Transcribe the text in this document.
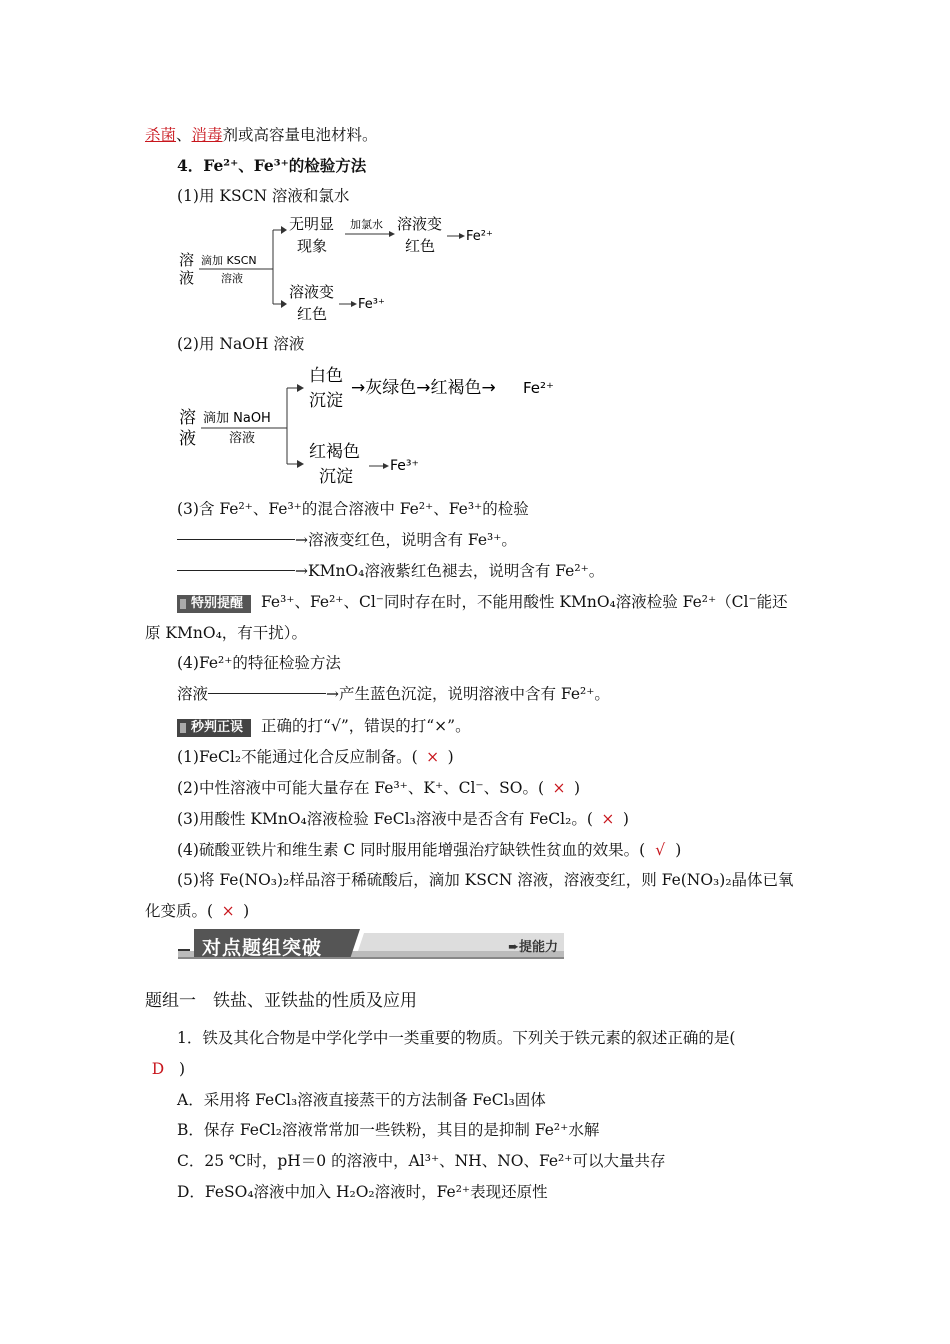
杀菌、消毒剂或高容量电池材料。
4．Fe²⁺、Fe³⁺的检验方法
(1)用 KSCN 溶液和氯水
溶
液
滴加 KSCN
溶液
无明显
现象
加氯水 溶液变
红色
Fe²⁺
溶液变
红色
Fe³⁺
(2)用 NaOH 溶液
溶
液
滴加 NaOH
溶液
白色
沉淀
→灰绿色→红褐色→ Fe²⁺
红褐色
沉淀
Fe³⁺
(3)含 Fe²⁺、Fe³⁺的混合溶液中 Fe²⁺、Fe³⁺的检验
→溶液变红色，说明含有 Fe³⁺。
→KMnO₄溶液紫红色褪去，说明含有 Fe²⁺。
特别提醒 Fe³⁺、Fe²⁺、Cl⁻同时存在时，不能用酸性 KMnO₄溶液检验 Fe²⁺（Cl⁻能还
原 KMnO₄，有干扰）。
(4)Fe²⁺的特征检验方法
溶液	→产生蓝色沉淀，说明溶液中含有 Fe²⁺。
秒判正误 正确的打“√”，错误的打“×”。
(1)FeCl₂不能通过化合反应制备。( × )
(2)中性溶液中可能大量存在 Fe³⁺、K⁺、Cl⁻、SO。( × )
(3)用酸性 KMnO₄溶液检验 FeCl₃溶液中是否含有 FeCl₂。( × )
(4)硫酸亚铁片和维生素 C 同时服用能增强治疗缺铁性贫血的效果。( √ )
(5)将 Fe(NO₃)₂样品溶于稀硫酸后，滴加 KSCN 溶液，溶液变红，则 Fe(NO₃)₂晶体已氧
化变质。( × )
对点题组突破	➨提能力
题组一　铁盐、亚铁盐的性质及应用
1．铁及其化合物是中学化学中一类重要的物质。下列关于铁元素的叙述正确的是(
D )
A．采用将 FeCl₃溶液直接蒸干的方法制备 FeCl₃固体
B．保存 FeCl₂溶液常常加一些铁粉，其目的是抑制 Fe²⁺水解
C．25 ℃时，pH＝0 的溶液中，Al³⁺、NH、NO、Fe²⁺可以大量共存
D．FeSO₄溶液中加入 H₂O₂溶液时，Fe²⁺表现还原性
